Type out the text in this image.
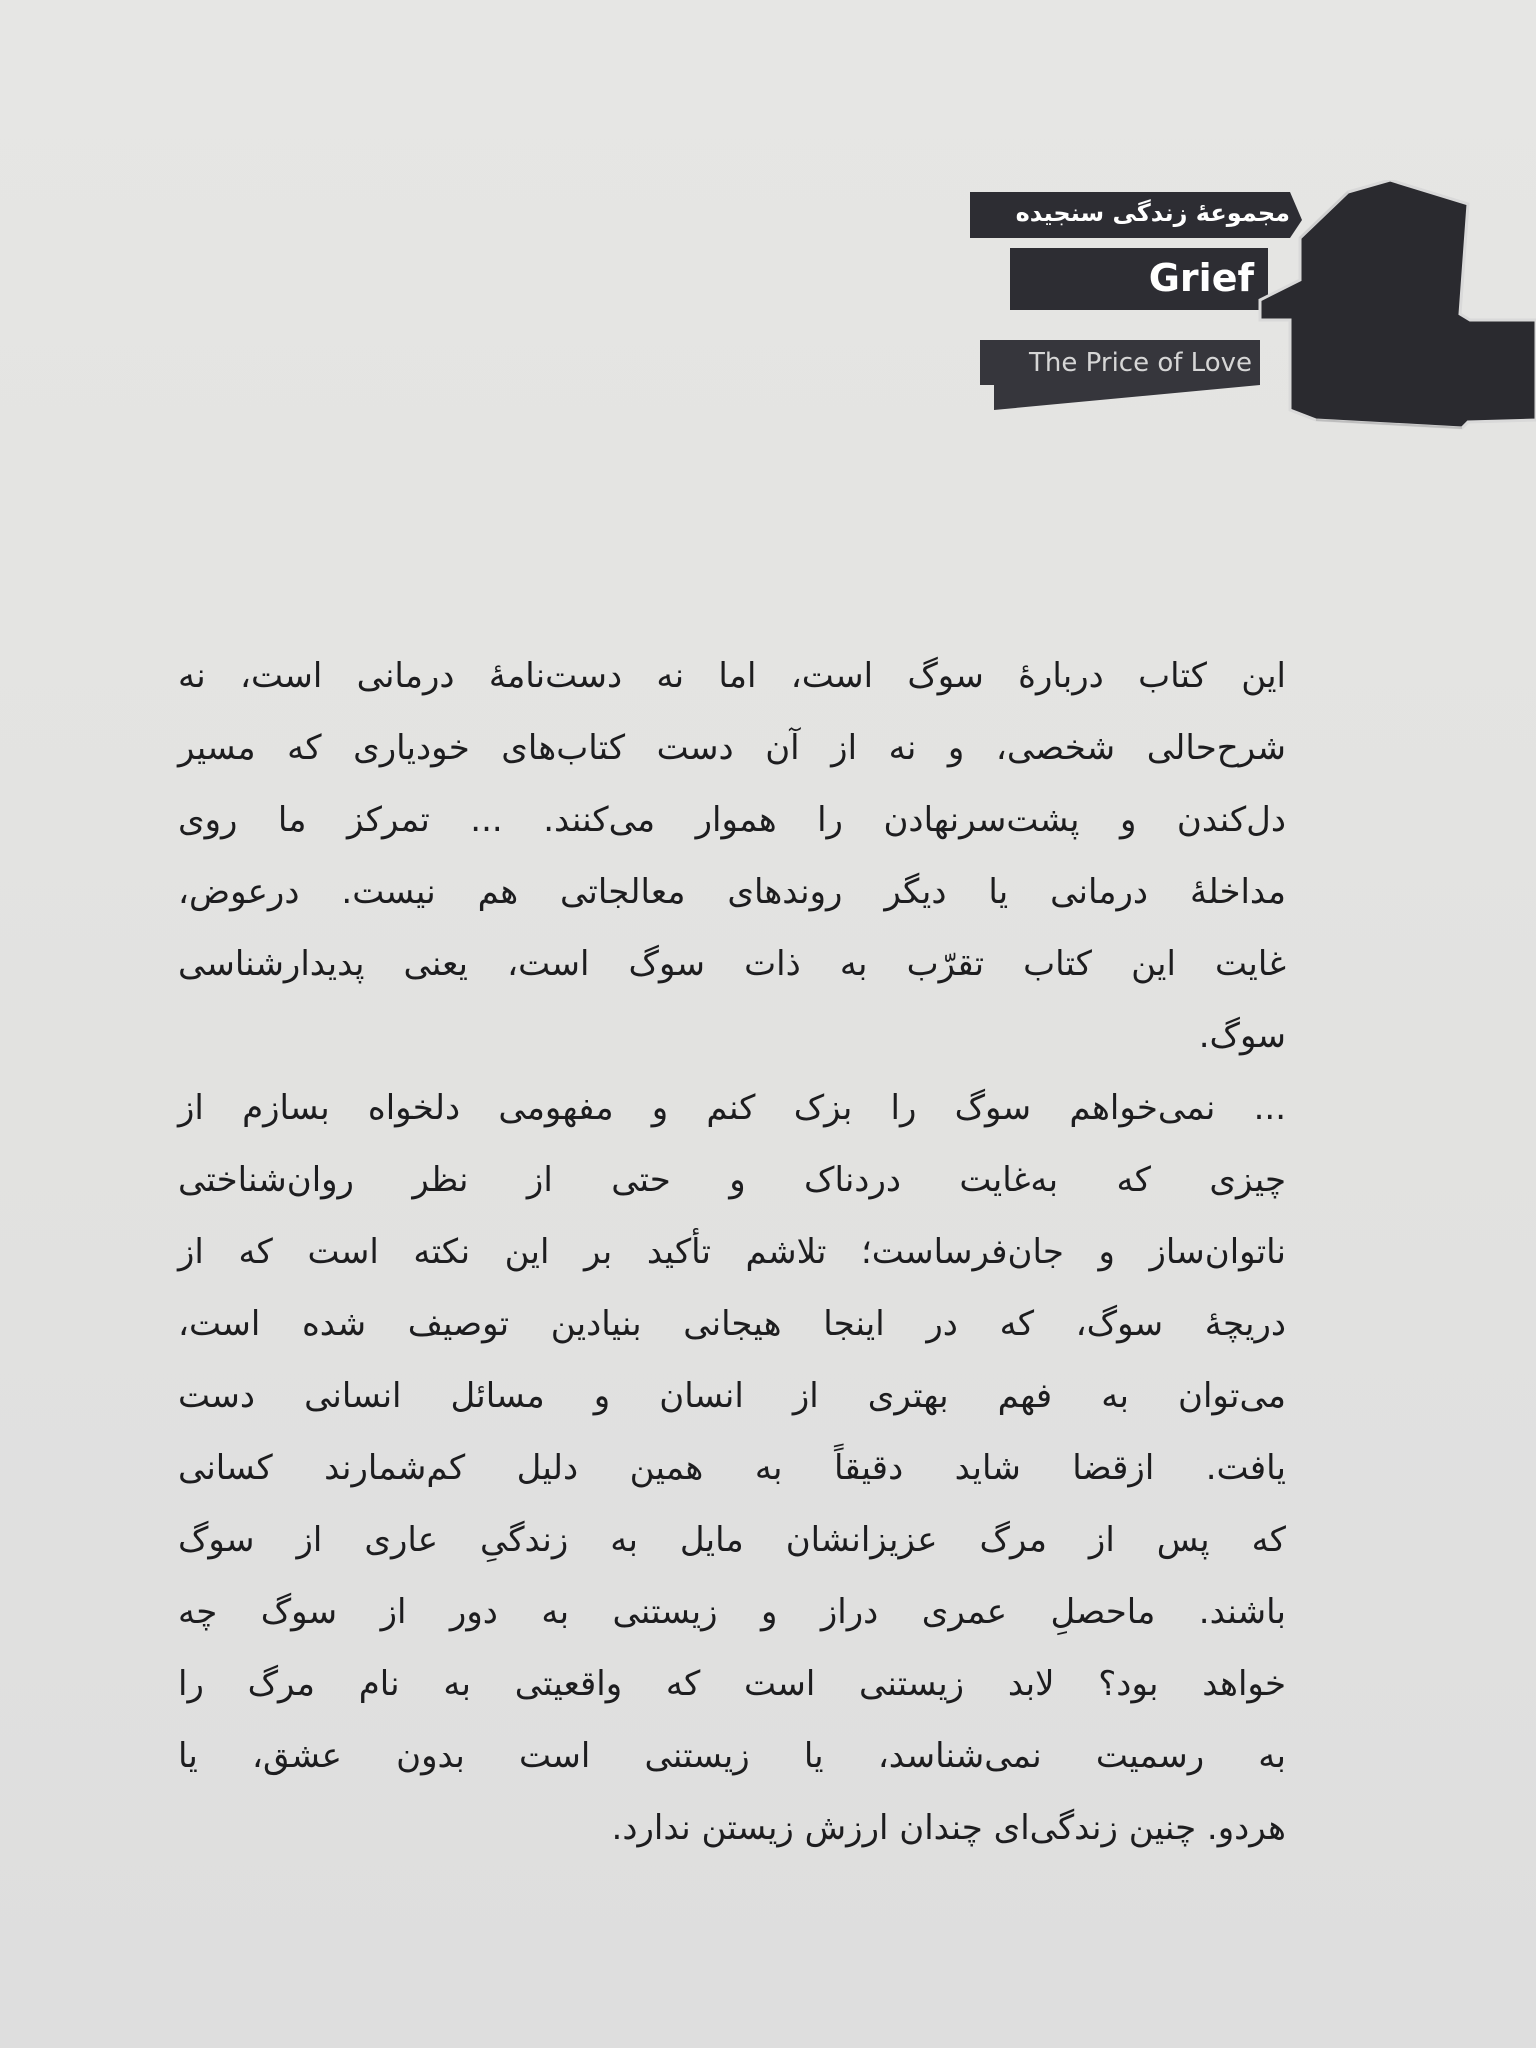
مجموعهٔ زندگی سنجیده
Grief
The Price of Love
این کتاب دربارهٔ سوگ است، اما نه دست‌نامهٔ درمانی است، نه
شرح‌حالی شخصی، و نه از آن دست کتاب‌های خودیاری که مسیر
دل‌کندن و پشت‌سرنهادن را هموار می‌کنند. ... تمرکز ما روی
مداخلهٔ درمانی یا دیگر روندهای معالجاتی هم نیست. درعوض،
غایت این کتاب تقرّب به ذات سوگ است، یعنی پدیدارشناسی
سوگ.
... نمی‌خواهم سوگ را بزک کنم و مفهومی دلخواه بسازم از
چیزی که به‌غایت دردناک و حتی از نظر روان‌شناختی
ناتوان‌ساز و جان‌فرساست؛ تلاشم تأکید بر این نکته است که از
دریچهٔ سوگ، که در اینجا هیجانی بنیادین توصیف شده است،
می‌توان به فهم بهتری از انسان و مسائل انسانی دست
یافت. ازقضا شاید دقیقاً به همین دلیل کم‌شمارند کسانی
که پس از مرگ عزیزانشان مایل به زندگیِ عاری از سوگ
باشند. ماحصلِ عمری دراز و زیستنی به دور از سوگ چه
خواهد بود؟ لابد زیستنی است که واقعیتی به نام مرگ را
به رسمیت نمی‌شناسد، یا زیستنی است بدون عشق، یا
هردو. چنین زندگی‌ای چندان ارزش زیستن ندارد.
